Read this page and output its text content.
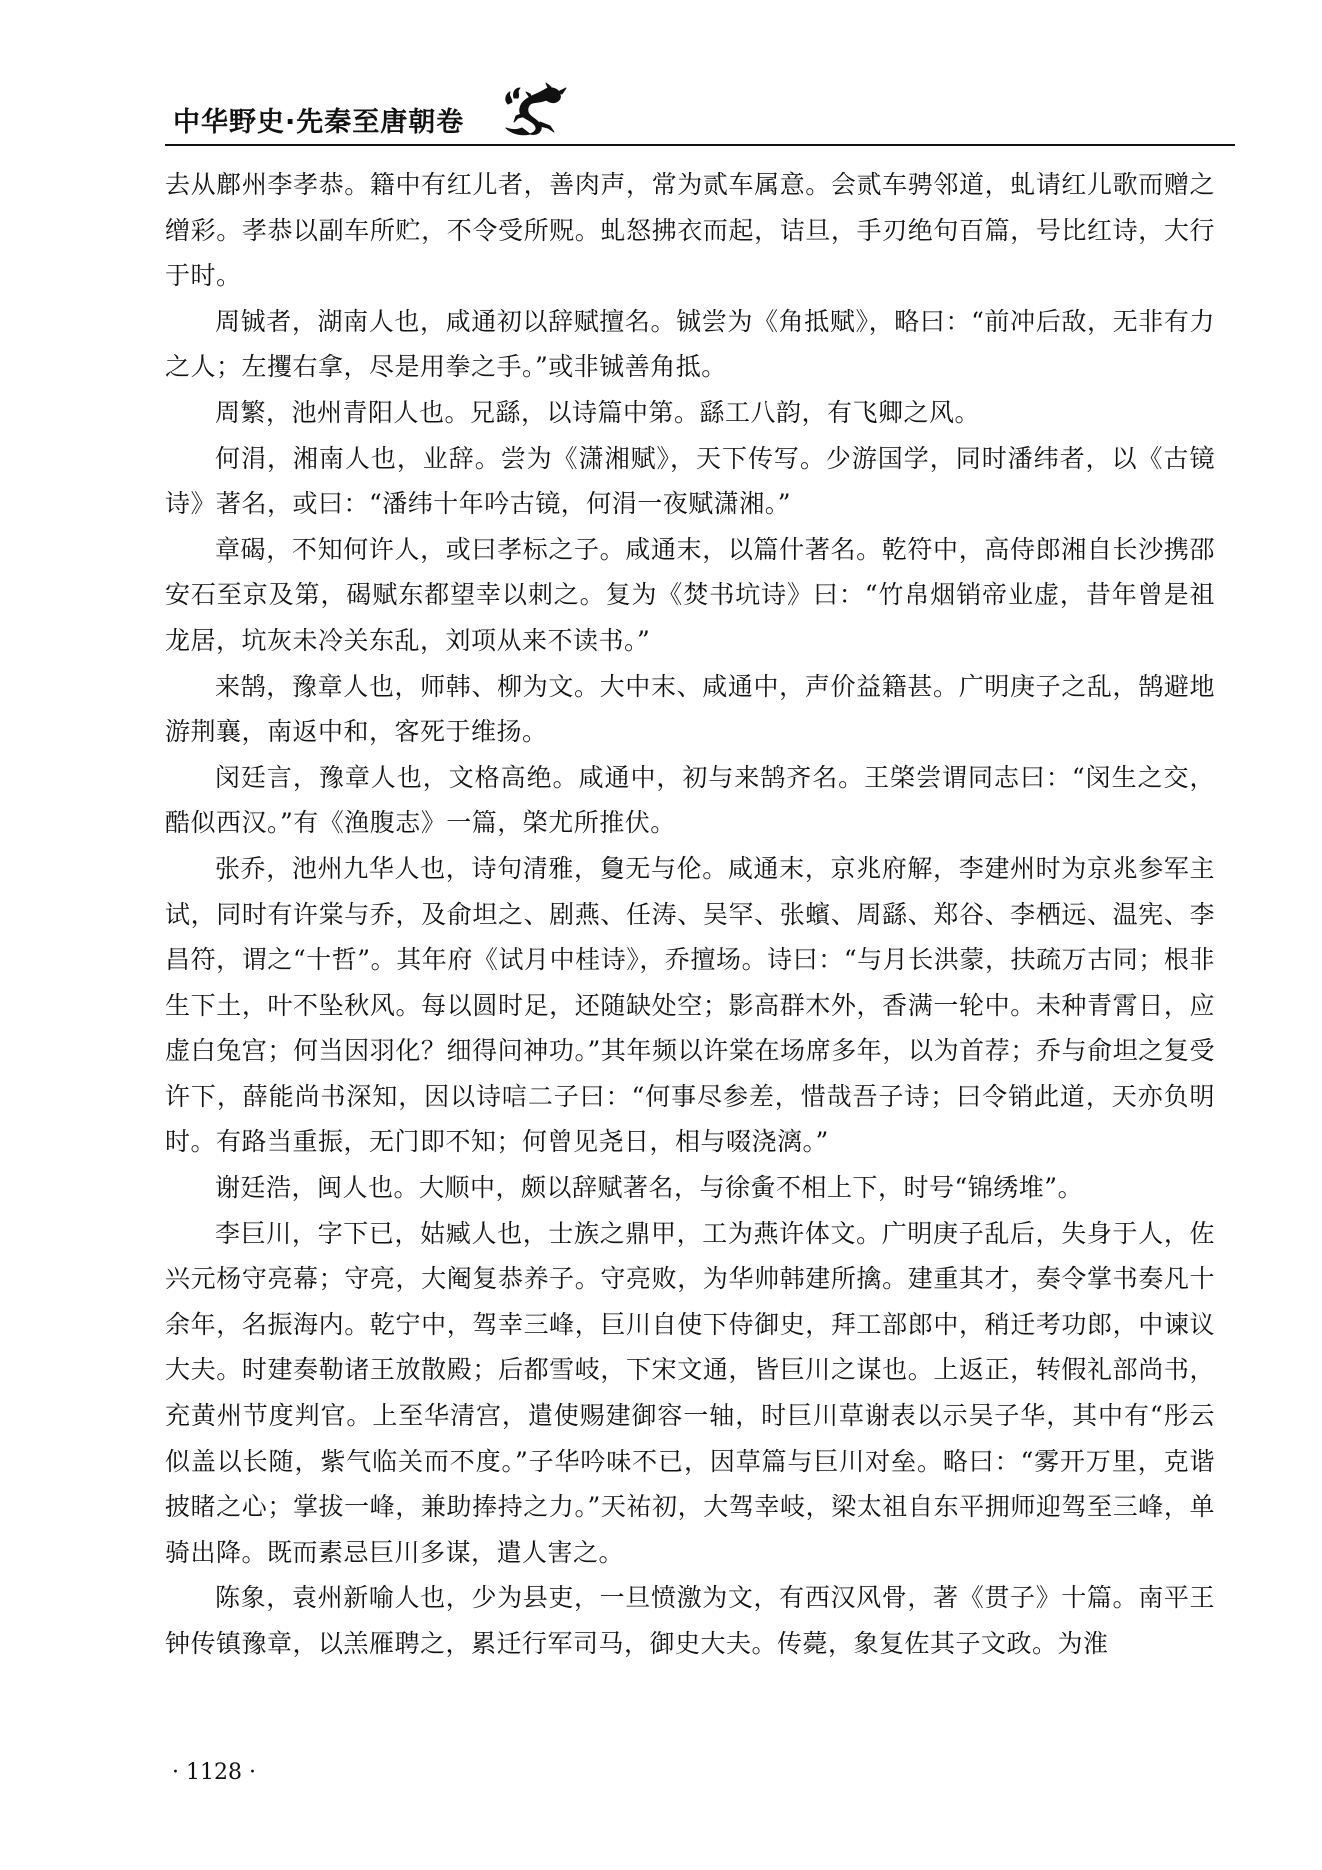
中华野史·先秦至唐朝卷

去从鄜州李孝恭。籍中有红儿者，善肉声，常为贰车属意。会贰车骋邻道，虬请红儿歌而赠之缯彩。孝恭以副车所贮，不令受所贶。虬怒拂衣而起，诘旦，手刃绝句百篇，号比红诗，大行于时。

周铖者，湖南人也，咸通初以辞赋擅名。铖尝为《角抵赋》，略曰：“前冲后敌，无非有力之人；左攫右拿，尽是用拳之手。”或非铖善角抵。

周繁，池州青阳人也。兄繇，以诗篇中第。繇工八韵，有飞卿之风。

何涓，湘南人也，业辞。尝为《潇湘赋》，天下传写。少游国学，同时潘纬者，以《古镜诗》著名，或曰：“潘纬十年吟古镜，何涓一夜赋潇湘。”

章碣，不知何许人，或曰孝标之子。咸通末，以篇什著名。乾符中，高侍郎湘自长沙携邵安石至京及第，碣赋东都望幸以刺之。复为《焚书坑诗》曰：“竹帛烟销帝业虚，昔年曾是祖龙居，坑灰未冷关东乱，刘项从来不读书。”

来鹄，豫章人也，师韩、柳为文。大中末、咸通中，声价益籍甚。广明庚子之乱，鹄避地游荆襄，南返中和，客死于维扬。

闵廷言，豫章人也，文格高绝。咸通中，初与来鹄齐名。王棨尝谓同志曰：“闵生之交，酷似西汉。”有《渔腹志》一篇，棨尤所推伏。

张乔，池州九华人也，诗句清雅，敻无与伦。咸通末，京兆府解，李建州时为京兆参军主试，同时有许棠与乔，及俞坦之、剧燕、任涛、吴罕、张蠙、周繇、郑谷、李栖远、温宪、李昌符，谓之“十哲”。其年府《试月中桂诗》，乔擅场。诗曰：“与月长洪蒙，扶疏万古同；根非生下土，叶不坠秋风。每以圆时足，还随缺处空；影高群木外，香满一轮中。未种青霄日，应虚白兔宫；何当因羽化？细得问神功。”其年频以许棠在场席多年，以为首荐；乔与俞坦之复受许下，薛能尚书深知，因以诗唁二子曰：“何事尽参差，惜哉吾子诗；曰令销此道，天亦负明时。有路当重振，无门即不知；何曾见尧日，相与啜浇漓。”

谢廷浩，闽人也。大顺中，颇以辞赋著名，与徐夤不相上下，时号“锦绣堆”。

李巨川，字下已，姑臧人也，士族之鼎甲，工为燕许体文。广明庚子乱后，失身于人，佐兴元杨守亮幕；守亮，大阉复恭养子。守亮败，为华帅韩建所擒。建重其才，奏令掌书奏凡十余年，名振海内。乾宁中，驾幸三峰，巨川自使下侍御史，拜工部郎中，稍迁考功郎，中谏议大夫。时建奏勒诸王放散殿；后都雪岐，下宋文通，皆巨川之谋也。上返正，转假礼部尚书，充黄州节度判官。上至华清宫，遣使赐建御容一轴，时巨川草谢表以示吴子华，其中有“彤云似盖以长随，紫气临关而不度。”子华吟味不已，因草篇与巨川对垒。略曰：“雾开万里，克谐披睹之心；掌拔一峰，兼助捧持之力。”天祐初，大驾幸岐，梁太祖自东平拥师迎驾至三峰，单骑出降。既而素忌巨川多谋，遣人害之。

陈象，袁州新喻人也，少为县吏，一旦愤激为文，有西汉风骨，著《贯子》十篇。南平王钟传镇豫章，以羔雁聘之，累迁行军司马，御史大夫。传薨，象复佐其子文政。为淮

· 1128 ·
